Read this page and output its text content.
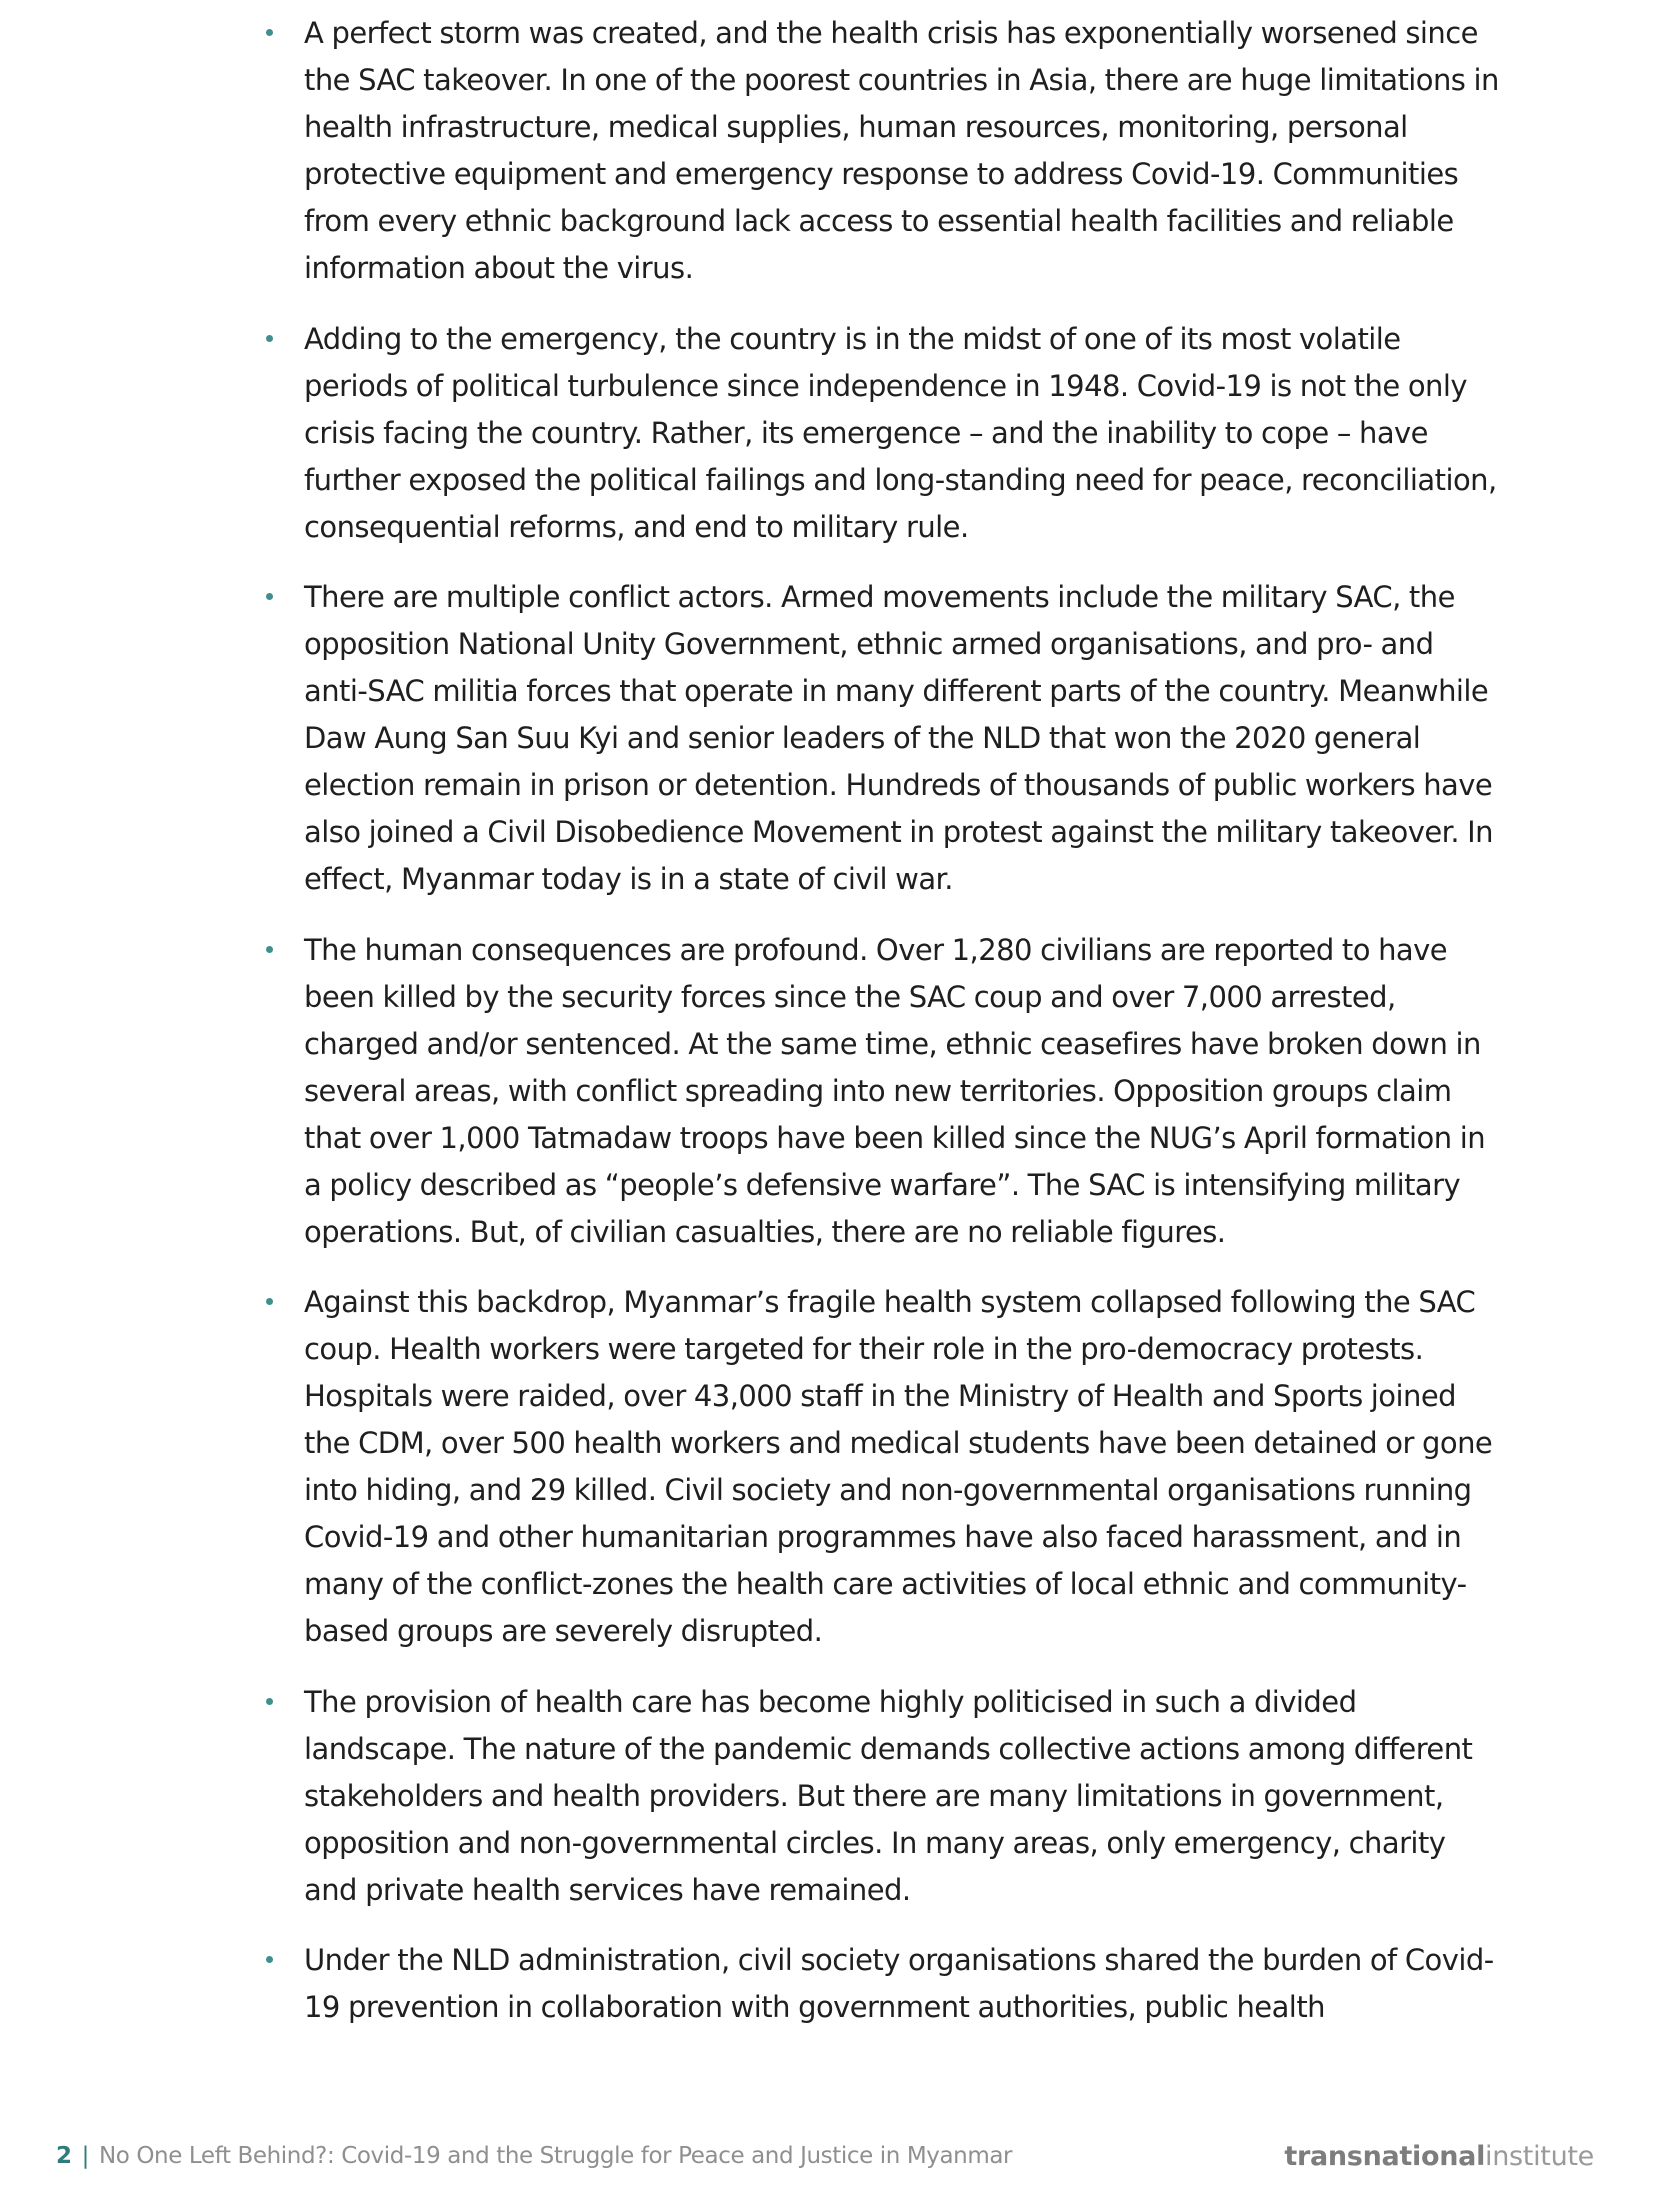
A perfect storm was created, and the health crisis has exponentially worsened since the SAC takeover. In one of the poorest countries in Asia, there are huge limitations in health infrastructure, medical supplies, human resources, monitoring, personal protective equipment and emergency response to address Covid-19. Communities from every ethnic background lack access to essential health facilities and reliable information about the virus.
Adding to the emergency, the country is in the midst of one of its most volatile periods of political turbulence since independence in 1948. Covid-19 is not the only crisis facing the country. Rather, its emergence – and the inability to cope – have further exposed the political failings and long-standing need for peace, reconciliation, consequential reforms, and end to military rule.
There are multiple conflict actors. Armed movements include the military SAC, the opposition National Unity Government, ethnic armed organisations, and pro- and anti-SAC militia forces that operate in many different parts of the country. Meanwhile Daw Aung San Suu Kyi and senior leaders of the NLD that won the 2020 general election remain in prison or detention. Hundreds of thousands of public workers have also joined a Civil Disobedience Movement in protest against the military takeover. In effect, Myanmar today is in a state of civil war.
The human consequences are profound. Over 1,280 civilians are reported to have been killed by the security forces since the SAC coup and over 7,000 arrested, charged and/or sentenced. At the same time, ethnic ceasefires have broken down in several areas, with conflict spreading into new territories. Opposition groups claim that over 1,000 Tatmadaw troops have been killed since the NUG’s April formation in a policy described as “people’s defensive warfare”. The SAC is intensifying military operations. But, of civilian casualties, there are no reliable figures.
Against this backdrop, Myanmar’s fragile health system collapsed following the SAC coup. Health workers were targeted for their role in the pro-democracy protests. Hospitals were raided, over 43,000 staff in the Ministry of Health and Sports joined the CDM, over 500 health workers and medical students have been detained or gone into hiding, and 29 killed. Civil society and non-governmental organisations running Covid-19 and other humanitarian programmes have also faced harassment, and in many of the conflict-zones the health care activities of local ethnic and community-based groups are severely disrupted.
The provision of health care has become highly politicised in such a divided landscape. The nature of the pandemic demands collective actions among different stakeholders and health providers. But there are many limitations in government, opposition and non-governmental circles. In many areas, only emergency, charity and private health services have remained.
Under the NLD administration, civil society organisations shared the burden of Covid-19 prevention in collaboration with government authorities, public health
2 | No One Left Behind?: Covid-19 and the Struggle for Peace and Justice in Myanmar	transnationalinstitute
